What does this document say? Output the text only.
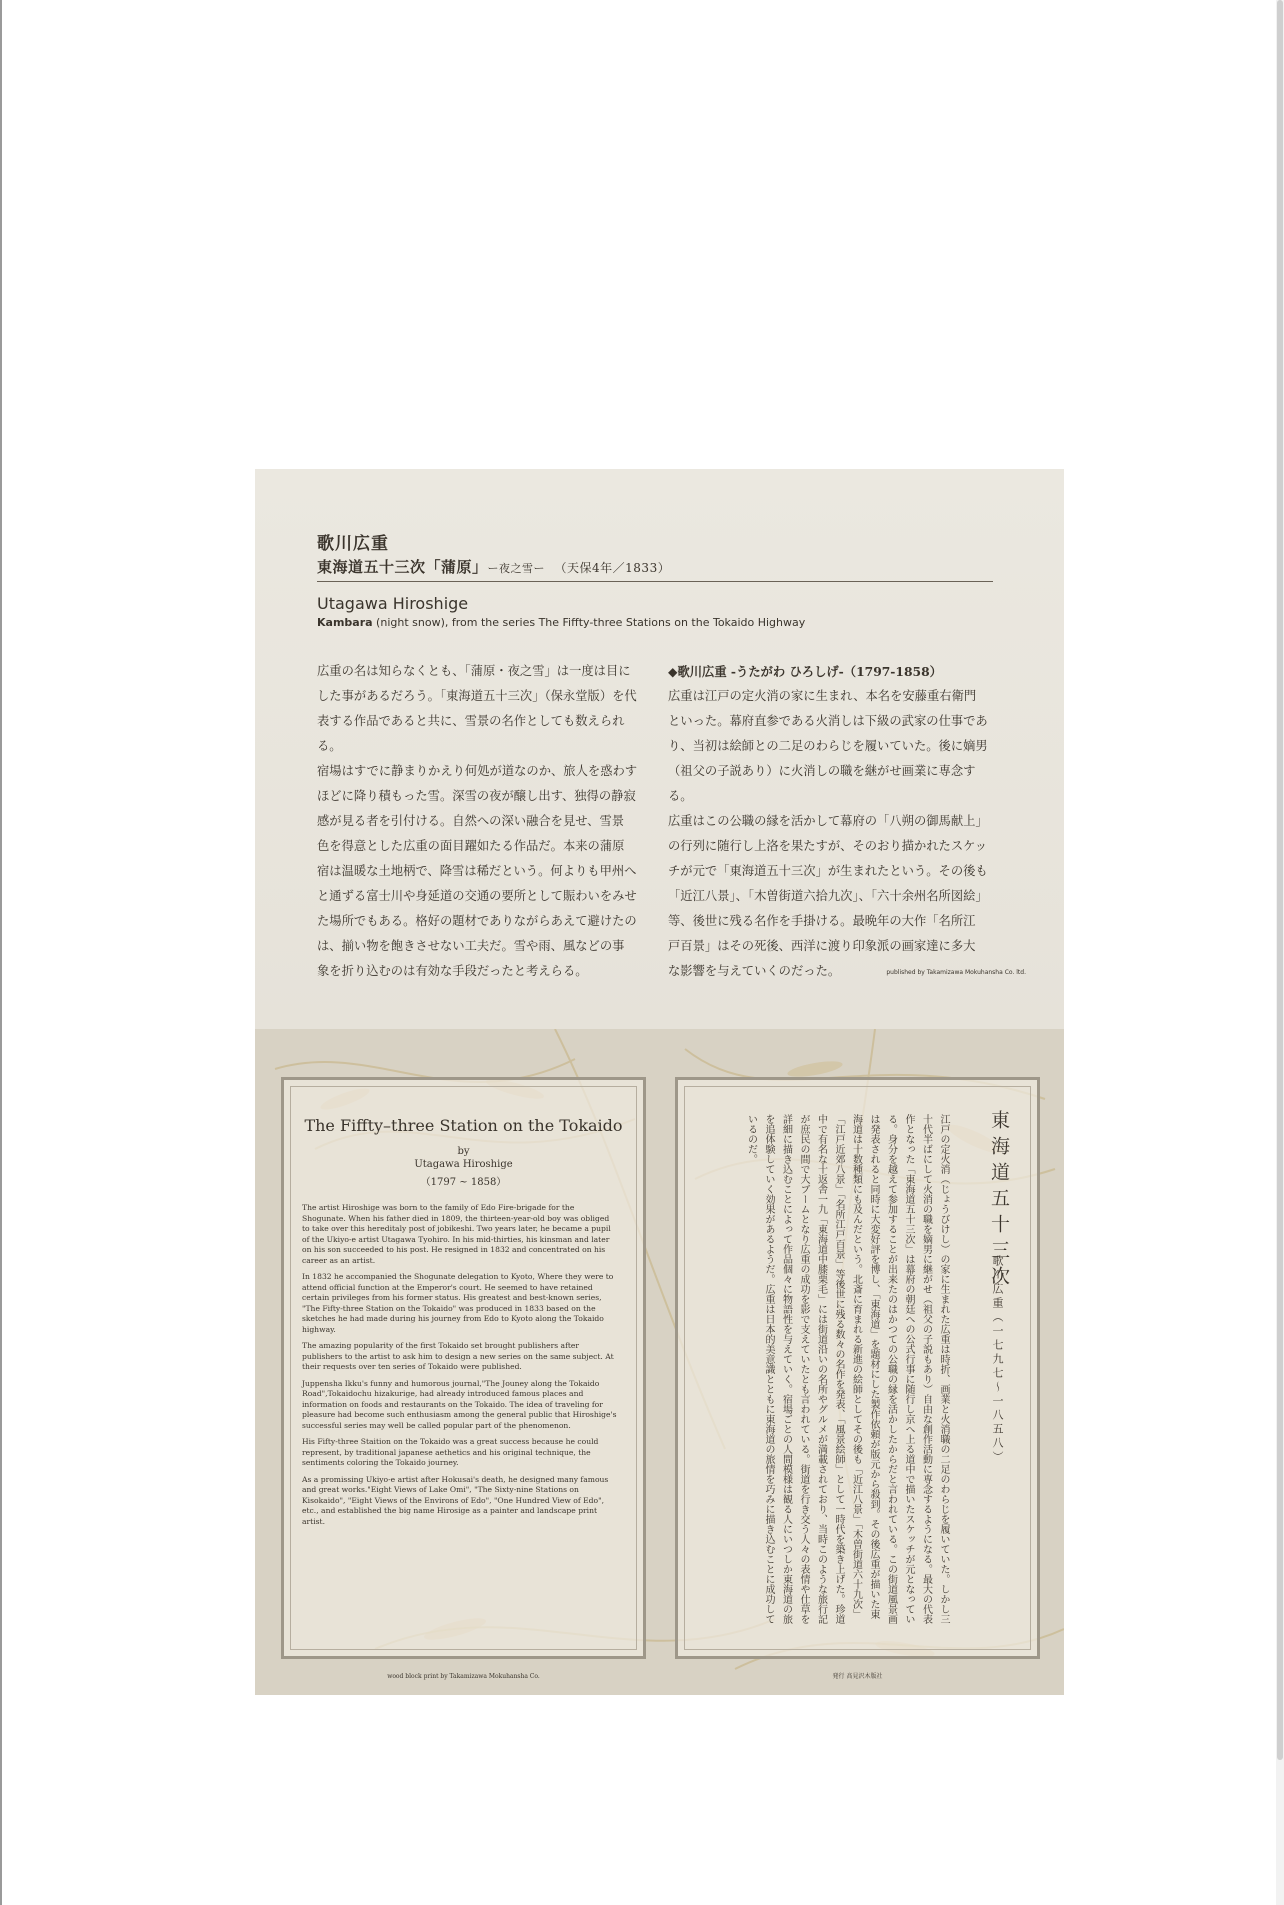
歌川広重
東海道五十三次「蒲原」ー夜之雪ー　 （天保4年／1833）
Utagawa Hiroshige
Kambara (night snow), from the series The Fiffty-three Stations on the Tokaido Highway
広重の名は知らなくとも、「蒲原・夜之雪」は一度は目に
した事があるだろう。「東海道五十三次」（保永堂版）を代
表する作品であると共に、雪景の名作としても数えられる。
宿場はすでに静まりかえり何処が道なのか、旅人を惑わす
ほどに降り積もった雪。深雪の夜が醸し出す、独得の静寂
感が見る者を引付ける。自然への深い融合を見せ、雪景
色を得意とした広重の面目躍如たる作品だ。本来の蒲原
宿は温暖な土地柄で、降雪は稀だという。何よりも甲州へ
と通ずる富士川や身延道の交通の要所として賑わいをみせ
た場所でもある。格好の題材でありながらあえて避けたの
は、揃い物を飽きさせない工夫だ。雪や雨、風などの事
象を折り込むのは有効な手段だったと考えらる。
◆歌川広重 -うたがわ ひろしげ-（1797-1858）
広重は江戸の定火消の家に生まれ、本名を安藤重右衛門
といった。幕府直参である火消しは下級の武家の仕事であ
り、当初は絵師との二足のわらじを履いていた。後に嫡男
（祖父の子説あり）に火消しの職を継がせ画業に専念する。
広重はこの公職の縁を活かして幕府の「八朔の御馬献上」
の行列に随行し上洛を果たすが、そのおり描かれたスケッ
チが元で「東海道五十三次」が生まれたという。その後も
「近江八景」、「木曽街道六拾九次」、「六十余州名所図絵」
等、後世に残る名作を手掛ける。最晩年の大作「名所江
戸百景」はその死後、西洋に渡り印象派の画家達に多大
な影響を与えていくのだった。	published by Takamizawa Mokuhansha Co. ltd.
The Fiffty–three Station on the Tokaido
by
Utagawa Hiroshige
（1797 ~ 1858）

The artist Hiroshige was born to the family of Edo Fire-brigade for the Shogunate. When his father died in 1809, the thirteen-year-old boy was obliged to take over this hereditaly post of jobikeshi. Two years later, he became a pupil of the Ukiyo-e artist Utagawa Tyohiro. In his mid-thirties, his kinsman and later on his son succeeded to his post. He resigned in 1832 and concentrated on his career as an artist.

In 1832 he accompanied the Shogunate delegation to Kyoto, Where they were to attend official function at the Emperor's court. He seemed to have retained certain privileges from his former status. His greatest and best-known series, "The Fifty-three Station on the Tokaido" was produced in 1833 based on the sketches he had made during his journey from Edo to Kyoto along the Tokaido highway.

The amazing popularity of the first Tokaido set brought publishers after publishers to the artist to ask him to design a new series on the same subject. At their requests over ten series of Tokaido were published.

Juppensha Ikku's funny and humorous journal,"The Jouney along the Tokaido Road",Tokaidochu hizakurige, had already introduced famous places and information on foods and restaurants on the Tokaido. The idea of traveling for pleasure had become such enthusiasm among the general public that Hiroshige's successful series may well be called popular part of the phenomenon.

His Fifty-three Staition on the Tokaido was a great success because he could represent, by traditional japanese aethetics and his original technique, the sentiments coloring the Tokaido journey.

As a promissing Ukiyo-e artist after Hokusai's death, he designed many famous and great works."Eight Views of Lake Omi", "The Sixty-nine Stations on Kisokaido", "Eight Views of the Environs of Edo", "One Hundred View of Edo", etc., and established the big name Hirosige as a painter and landscape print artist.

wood block print by Takamizawa Mokuhansha Co.
東海道五十三次
歌川広重（一七九七〜一八五八）
江戸の定火消（じょうびけし）の家に生まれた広重は時折、画業と火消職の二足のわらじを履いていた。しかし三十代半ばにして火消の職を嫡男に継がせ（祖父の子説もあり）自由な創作活動に専念するようになる。最大の代表作となった「東海道五十三次」は幕府の朝廷への公式行事に随行し京へ上る道中で描いたスケッチが元となっている。身分を越えて参加することが出来たのはかつての公職の縁を活かしたからだと言われている。この街道風景画は発表されると同時に大変好評を博し、「東海道」を題材にした製作依頼が版元から殺到。その後広重が描いた東海道は十数種類にも及んだという。北斎に育まれる新進の絵師としてその後も「近江八景」「木曽街道六十九次」「江戸近郊八景」「名所江戸百景」等後世に残る数々の名作を発表、「風景絵師」として一時代を築き上げた。珍道中で有名な十返舎一九「東海道中膝栗毛」には街道沿いの名所やグルメが満載されており、当時このような旅行記が庶民の間で大ブームとなり広重の成功を影で支えていたとも言われている。街道を行き交う人々の表情や仕草を詳細に描き込むことによって作品個々に物語性を与えていく。宿場ごとの人間模様は観る人にいつしか東海道の旅を追体験していく効果があるようだ。広重は日本的美意識とともに東海道の旅情を巧みに描き込むことに成功しているのだ。
発行 髙見沢木版社
